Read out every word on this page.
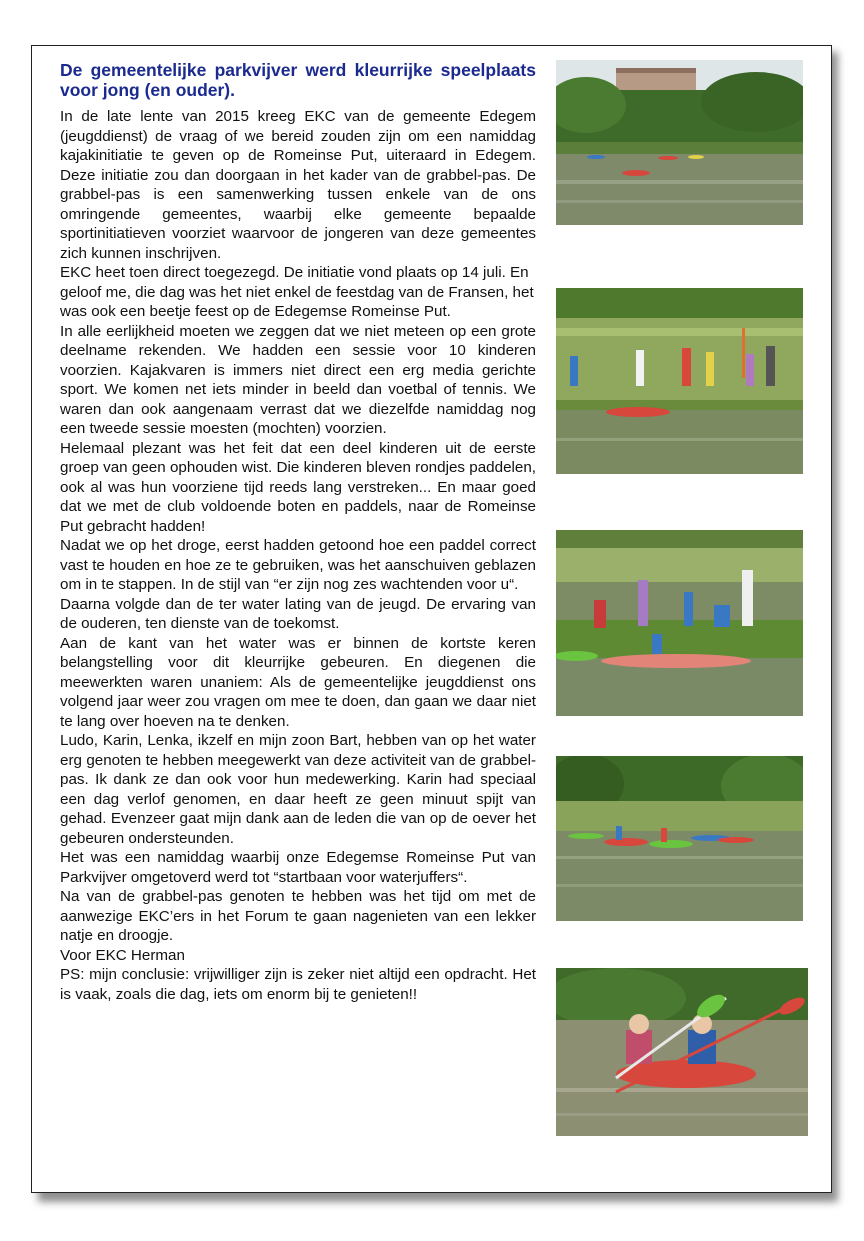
De gemeentelijke parkvijver werd kleurrijke speelplaats voor jong (en ouder).

In de late lente van 2015 kreeg EKC van de gemeente Edegem (jeugddienst) de vraag of we bereid zouden zijn om een namiddag kajakinitiatie te geven op de Romeinse Put, uiteraard in Edegem. Deze initiatie zou dan doorgaan in het kader van de grabbel-pas. De grabbel-pas is een samenwerking tussen enkele van de ons omringende gemeentes, waarbij elke gemeente bepaalde sportinitiatieven voorziet waarvoor de jongeren van deze gemeentes zich kunnen inschrijven.

EKC heet toen direct toegezegd. De initiatie vond plaats op 14 juli. En geloof me, die dag was het niet enkel de feestdag van de Fransen, het was ook een beetje feest op de Edegemse Romeinse Put.

In alle eerlijkheid moeten we zeggen dat we niet meteen op een grote deelname rekenden. We hadden een sessie voor 10 kinderen voorzien. Kajakvaren is immers niet direct een erg media gerichte sport. We komen net iets minder in beeld dan voetbal of tennis. We waren dan ook aangenaam verrast dat we diezelfde namiddag nog een tweede sessie moesten (mochten) voorzien.

Helemaal plezant was het feit dat een deel kinderen uit de eerste groep van geen ophouden wist. Die kinderen bleven rondjes paddelen, ook al was hun voorziene tijd reeds lang verstreken... En maar goed dat we met de club voldoende boten en paddels, naar de Romeinse Put gebracht hadden!

Nadat we op het droge, eerst hadden getoond hoe een paddel correct vast te houden en hoe ze te gebruiken, was het aanschuiven geblazen om in te stappen. In de stijl van “er zijn nog zes wachtenden voor u“.

Daarna volgde dan de ter water lating van de jeugd. De ervaring van de ouderen, ten dienste van de toekomst.

Aan de kant van het water was er binnen de kortste keren belangstelling voor dit kleurrijke gebeuren. En diegenen die meewerkten waren unaniem: Als de gemeentelijke jeugddienst ons volgend jaar weer zou vragen om mee te doen, dan gaan we daar niet te lang over hoeven na te denken.

Ludo, Karin, Lenka, ikzelf en mijn zoon Bart, hebben van op het water erg genoten te hebben meegewerkt van deze activiteit van de grabbel-pas. Ik dank ze dan ook voor hun medewerking. Karin had speciaal een dag verlof genomen, en daar heeft ze geen minuut spijt van gehad. Evenzeer gaat mijn dank aan de leden die van op de oever het gebeuren ondersteunden.

Het was een namiddag waarbij onze Edegemse Romeinse Put van Parkvijver omgetoverd werd tot “startbaan voor waterjuffers“.

Na van de grabbel-pas genoten te hebben was het tijd om met de aanwezige EKC’ers in het Forum te gaan nagenieten van een lekker natje en droogje.

Voor EKC Herman

PS: mijn conclusie: vrijwilliger zijn is zeker niet altijd een opdracht. Het is vaak, zoals die dag, iets om enorm bij te genieten!!
